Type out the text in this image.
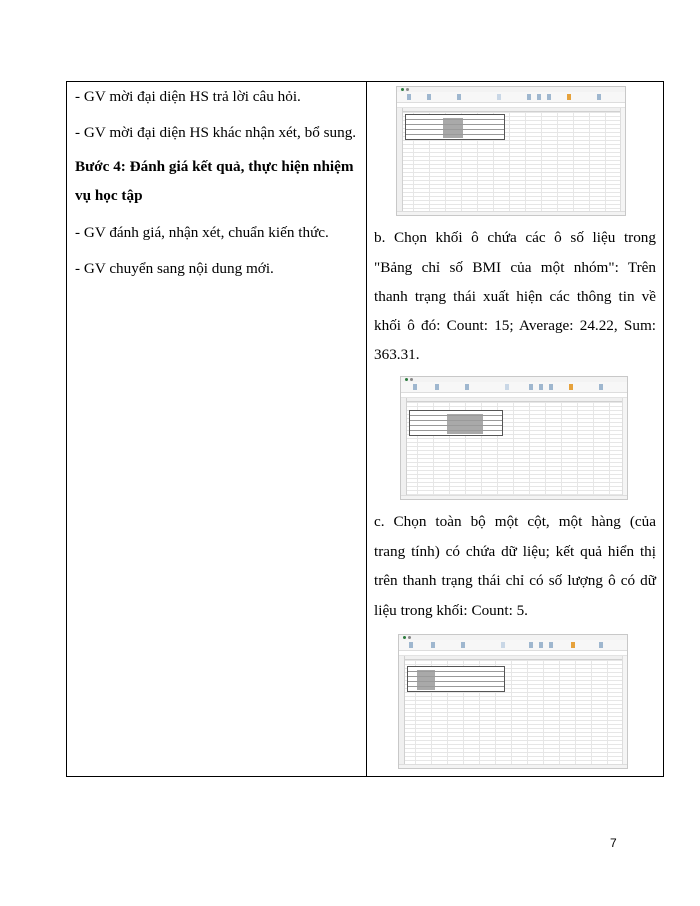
- GV mời đại diện HS trả lời câu hỏi.
- GV mời đại diện HS khác nhận xét, bổ sung.
Bước 4: Đánh giá kết quả, thực hiện nhiệm
vụ học tập
- GV đánh giá, nhận xét, chuẩn kiến thức.
- GV chuyển sang nội dung mới.
b. Chọn khối ô chứa các ô số liệu trong
"Bảng chỉ số BMI của một nhóm": Trên
thanh trạng thái xuất hiện các thông tin về
khối ô đó: Count: 15; Average: 24.22, Sum:
363.31.
c. Chọn toàn bộ một cột, một hàng (của
trang tính) có chứa dữ liệu; kết quả hiển thị
trên thanh trạng thái chỉ có số lượng ô có dữ
liệu trong khối: Count: 5.
7
